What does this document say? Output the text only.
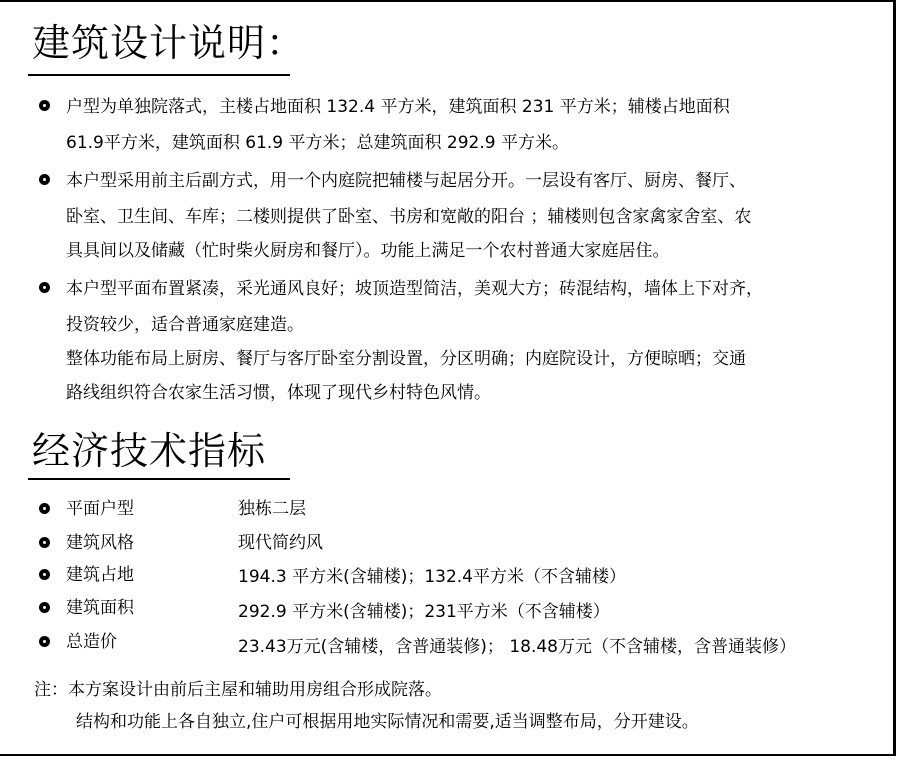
建筑设计说明：
户型为单独院落式，主楼占地面积 132.4 平方米，建筑面积 231 平方米；辅楼占地面积
61.9平方米，建筑面积 61.9 平方米；总建筑面积 292.9 平方米。
本户型采用前主后副方式，用一个内庭院把辅楼与起居分开。一层设有客厅、厨房、餐厅、
卧室、卫生间、车库；二楼则提供了卧室、书房和宽敞的阳台 ；辅楼则包含家禽家舍室、农
具具间以及储藏（忙时柴火厨房和餐厅）。功能上满足一个农村普通大家庭居住。
本户型平面布置紧凑，采光通风良好；坡顶造型简洁，美观大方；砖混结构，墙体上下对齐，
投资较少，适合普通家庭建造。
整体功能布局上厨房、餐厅与客厅卧室分割设置，分区明确；内庭院设计，方便晾晒；交通
路线组织符合农家生活习惯，体现了现代乡村特色风情。
经济技术指标
平面户型	独栋二层
建筑风格	现代简约风
建筑占地	194.3 平方米(含辅楼)；132.4平方米（不含辅楼）
建筑面积	292.9 平方米(含辅楼)；231平方米（不含辅楼）
总造价	23.43万元(含辅楼，含普通装修)； 18.48万元（不含辅楼，含普通装修）
注：本方案设计由前后主屋和辅助用房组合形成院落。
结构和功能上各自独立,住户可根据用地实际情况和需要,适当调整布局，分开建设。
